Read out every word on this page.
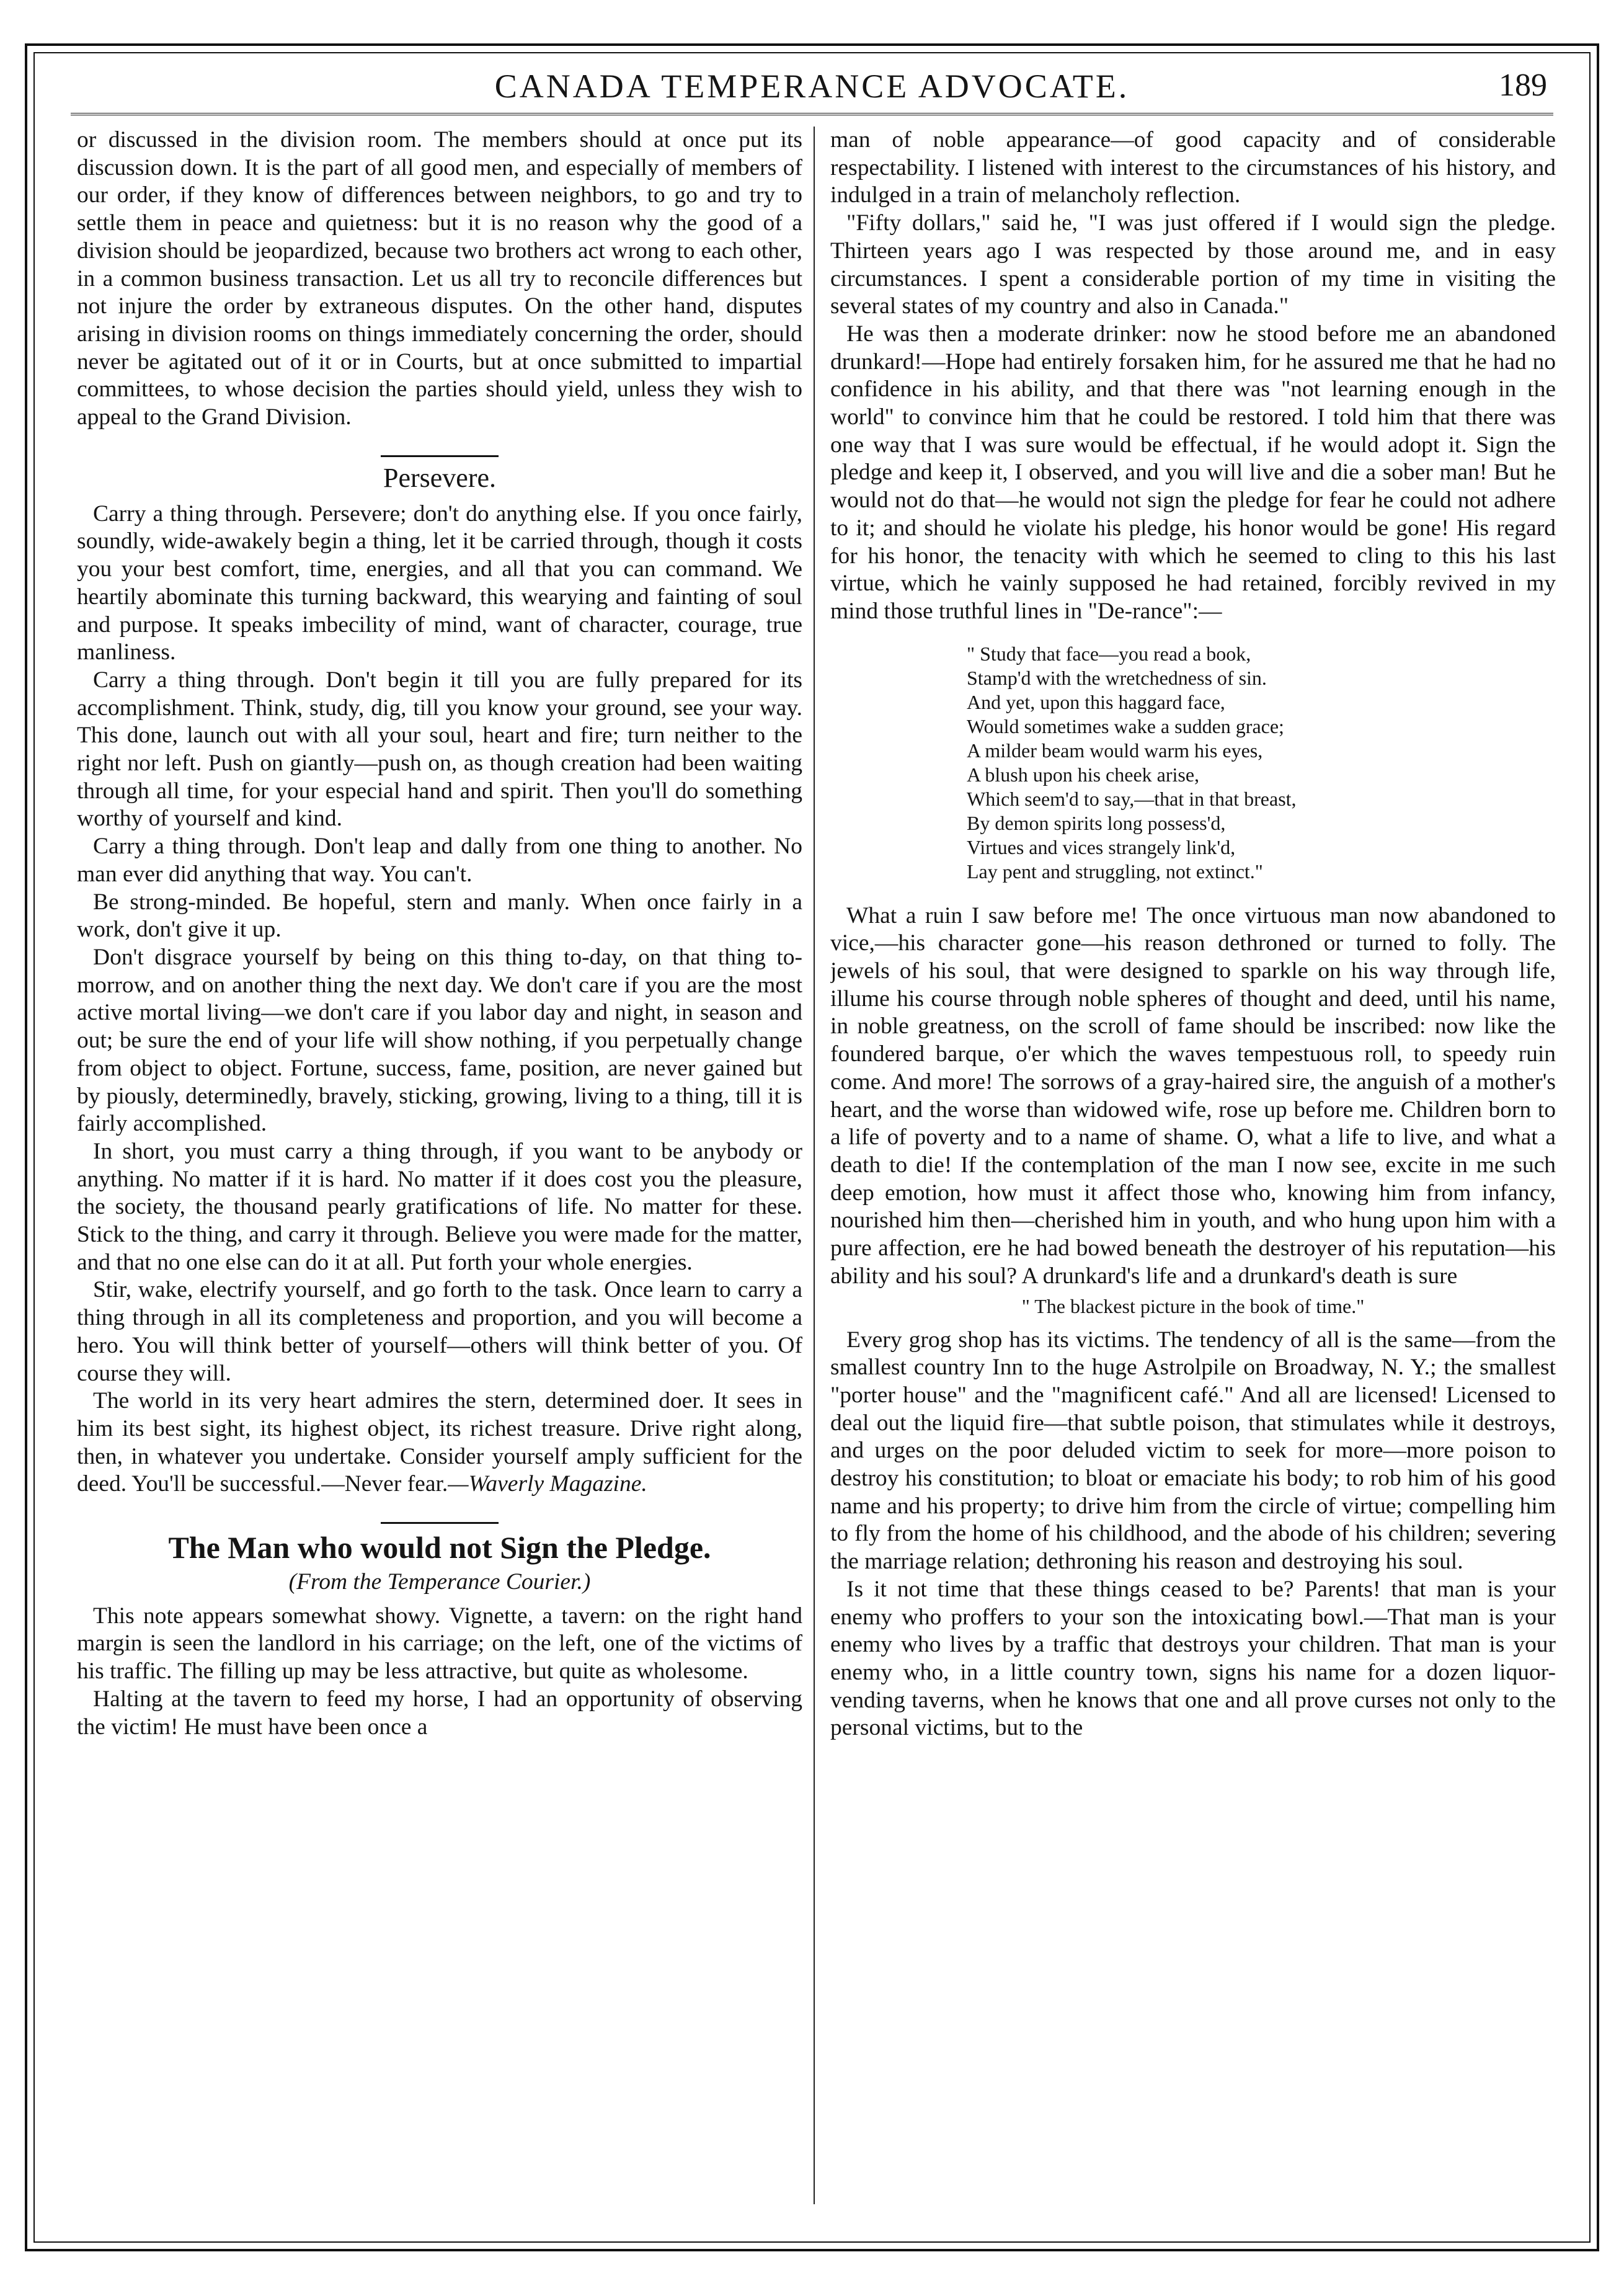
CANADA TEMPERANCE ADVOCATE.	189

or discussed in the division room. The members should at once put its discussion down. It is the part of all good men, and especially of members of our order, if they know of differences between neighbors, to go and try to settle them in peace and quietness: but it is no reason why the good of a division should be jeopardized, because two brothers act wrong to each other, in a common business transaction. Let us all try to reconcile differences but not injure the order by extraneous disputes. On the other hand, disputes arising in division rooms on things immediately concerning the order, should never be agitated out of it or in Courts, but at once submitted to impartial committees, to whose decision the parties should yield, unless they wish to appeal to the Grand Division.

Persevere.

Carry a thing through. Persevere; don't do anything else. If you once fairly, soundly, wide-awakely begin a thing, let it be carried through, though it costs you your best comfort, time, energies, and all that you can command. We heartily abominate this turning backward, this wearying and fainting of soul and purpose. It speaks imbecility of mind, want of character, courage, true manliness.

Carry a thing through. Don't begin it till you are fully prepared for its accomplishment. Think, study, dig, till you know your ground, see your way. This done, launch out with all your soul, heart and fire; turn neither to the right nor left. Push on giantly—push on, as though creation had been waiting through all time, for your especial hand and spirit. Then you'll do something worthy of yourself and kind.

Carry a thing through. Don't leap and dally from one thing to another. No man ever did anything that way. You can't.

Be strong-minded. Be hopeful, stern and manly. When once fairly in a work, don't give it up.

Don't disgrace yourself by being on this thing to-day, on that thing to-morrow, and on another thing the next day. We don't care if you are the most active mortal living—we don't care if you labor day and night, in season and out; be sure the end of your life will show nothing, if you perpetually change from object to object. Fortune, success, fame, position, are never gained but by piously, determinedly, bravely, sticking, growing, living to a thing, till it is fairly accomplished.

In short, you must carry a thing through, if you want to be anybody or anything. No matter if it is hard. No matter if it does cost you the pleasure, the society, the thousand pearly gratifications of life. No matter for these. Stick to the thing, and carry it through. Believe you were made for the matter, and that no one else can do it at all. Put forth your whole energies.

Stir, wake, electrify yourself, and go forth to the task. Once learn to carry a thing through in all its completeness and proportion, and you will become a hero. You will think better of yourself—others will think better of you. Of course they will.

The world in its very heart admires the stern, determined doer. It sees in him its best sight, its highest object, its richest treasure. Drive right along, then, in whatever you undertake. Consider yourself amply sufficient for the deed. You'll be successful.—Never fear.—Waverly Magazine.

The Man who would not Sign the Pledge.
(From the Temperance Courier.)

This note appears somewhat showy. Vignette, a tavern: on the right hand margin is seen the landlord in his carriage; on the left, one of the victims of his traffic. The filling up may be less attractive, but quite as wholesome.

Halting at the tavern to feed my horse, I had an opportunity of observing the victim! He must have been once a

man of noble appearance—of good capacity and of considerable respectability. I listened with interest to the circumstances of his history, and indulged in a train of melancholy reflection.

"Fifty dollars," said he, "I was just offered if I would sign the pledge. Thirteen years ago I was respected by those around me, and in easy circumstances. I spent a considerable portion of my time in visiting the several states of my country and also in Canada."

He was then a moderate drinker: now he stood before me an abandoned drunkard!—Hope had entirely forsaken him, for he assured me that he had no confidence in his ability, and that there was "not learning enough in the world" to convince him that he could be restored. I told him that there was one way that I was sure would be effectual, if he would adopt it. Sign the pledge and keep it, I observed, and you will live and die a sober man! But he would not do that—he would not sign the pledge for fear he could not adhere to it; and should he violate his pledge, his honor would be gone! His regard for his honor, the tenacity with which he seemed to cling to this his last virtue, which he vainly supposed he had retained, forcibly revived in my mind those truthful lines in "De-rance":—

" Study that face—you read a book,
Stamp'd with the wretchedness of sin.
And yet, upon this haggard face,
Would sometimes wake a sudden grace;
A milder beam would warm his eyes,
A blush upon his cheek arise,
Which seem'd to say,—that in that breast,
By demon spirits long possess'd,
Virtues and vices strangely link'd,
Lay pent and struggling, not extinct."

What a ruin I saw before me! The once virtuous man now abandoned to vice,—his character gone—his reason dethroned or turned to folly. The jewels of his soul, that were designed to sparkle on his way through life, illume his course through noble spheres of thought and deed, until his name, in noble greatness, on the scroll of fame should be inscribed: now like the foundered barque, o'er which the waves tempestuous roll, to speedy ruin come. And more! The sorrows of a gray-haired sire, the anguish of a mother's heart, and the worse than widowed wife, rose up before me. Children born to a life of poverty and to a name of shame. O, what a life to live, and what a death to die! If the contemplation of the man I now see, excite in me such deep emotion, how must it affect those who, knowing him from infancy, nourished him then—cherished him in youth, and who hung upon him with a pure affection, ere he had bowed beneath the destroyer of his reputation—his ability and his soul? A drunkard's life and a drunkard's death is sure

" The blackest picture in the book of time."

Every grog shop has its victims. The tendency of all is the same—from the smallest country Inn to the huge Astrolpile on Broadway, N. Y.; the smallest "porter house" and the "magnificent café." And all are licensed! Licensed to deal out the liquid fire—that subtle poison, that stimulates while it destroys, and urges on the poor deluded victim to seek for more—more poison to destroy his constitution; to bloat or emaciate his body; to rob him of his good name and his property; to drive him from the circle of virtue; compelling him to fly from the home of his childhood, and the abode of his children; severing the marriage relation; dethroning his reason and destroying his soul.

Is it not time that these things ceased to be? Parents! that man is your enemy who proffers to your son the intoxicating bowl.—That man is your enemy who lives by a traffic that destroys your children. That man is your enemy who, in a little country town, signs his name for a dozen liquor-vending taverns, when he knows that one and all prove curses not only to the personal victims, but to the
